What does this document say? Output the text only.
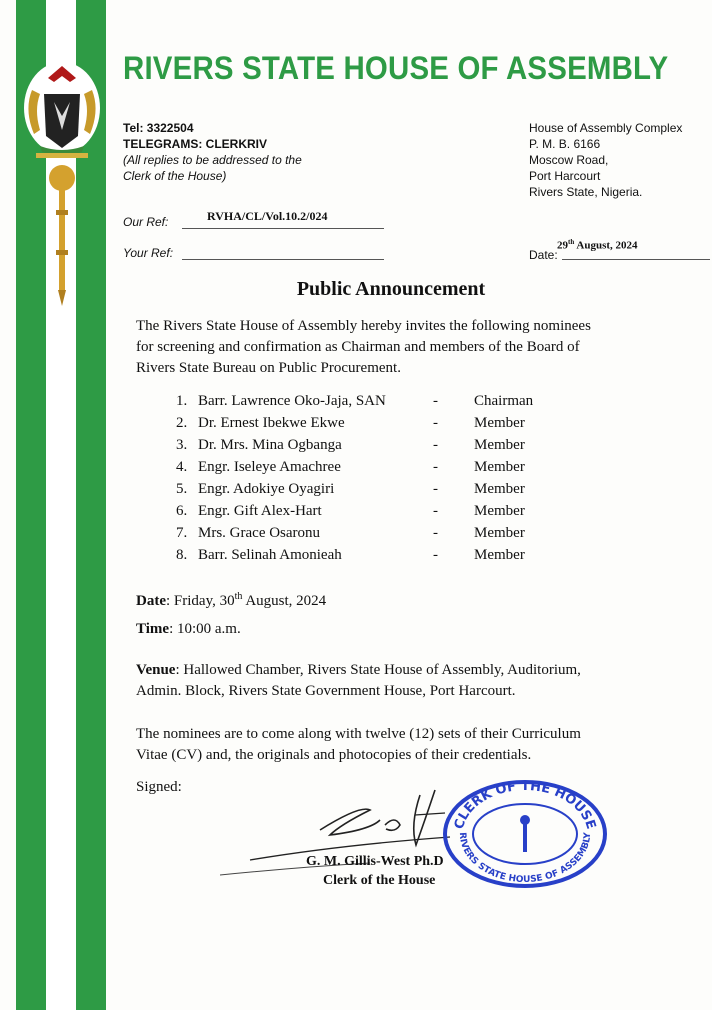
RIVERS STATE HOUSE OF ASSEMBLY
Tel: 3322504
TELEGRAMS: CLERKRIV
(All replies to be addressed to the
Clerk of the House)
House of Assembly Complex
P. M. B. 6166
Moscow Road,
Port Harcourt
Rivers State, Nigeria.
Our Ref:	RVHA/CL/Vol.10.2/024
Your Ref:	Date:
29th August, 2024
Public Announcement
The Rivers State House of Assembly hereby invites the following nominees
for screening and confirmation as Chairman and members of the Board of
Rivers State Bureau on Public Procurement.
1. Barr. Lawrence Oko-Jaja, SAN	- Chairman
2. Dr. Ernest Ibekwe Ekwe	- Member
3. Dr. Mrs. Mina Ogbanga	- Member
4. Engr. Iseleye Amachree	- Member
5. Engr. Adokiye Oyagiri	- Member
6. Engr. Gift Alex-Hart	- Member
7. Mrs. Grace Osaronu	- Member
8. Barr. Selinah Amonieah	- Member
Date: Friday, 30th August, 2024
Time: 10:00 a.m.
Venue: Hallowed Chamber, Rivers State House of Assembly, Auditorium,
Admin. Block, Rivers State Government House, Port Harcourt.
The nominees are to come along with twelve (12) sets of their Curriculum
Vitae (CV) and, the originals and photocopies of their credentials.
Signed:
CLERK OF THE HOUSE
RIVERS STATE HOUSE OF ASSEMBLY
G. M. Gillis-West Ph.D
Clerk of the House
